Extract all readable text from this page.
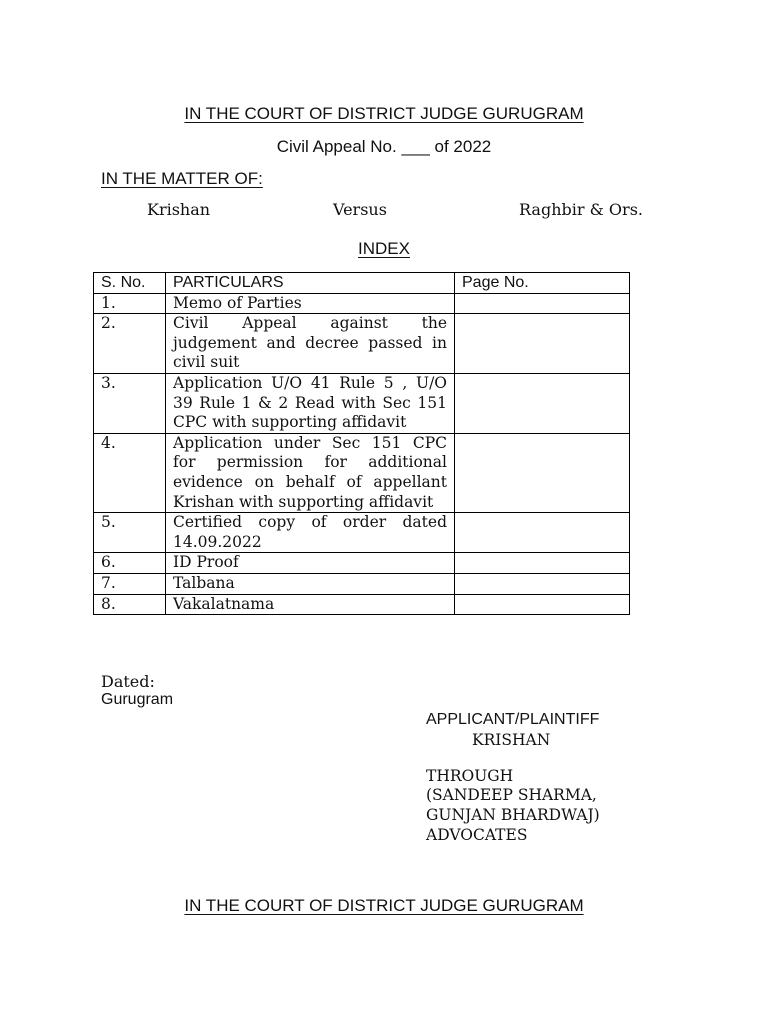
IN THE COURT OF DISTRICT JUDGE GURUGRAM
Civil Appeal No. ___ of 2022
IN THE MATTER OF:
Krishan	Versus	Raghbir & Ors.
INDEX
S. No.	PARTICULARS	Page No.
1.	Memo of Parties	
2.	Civil Appeal against the judgement and decree passed in civil suit	
3.	Application U/O 41 Rule 5 , U/O 39 Rule 1 & 2 Read with Sec 151 CPC with supporting affidavit	
4.	Application under Sec 151 CPC for permission for additional evidence on behalf of appellant Krishan with supporting affidavit	
5.	Certified copy of order dated 14.09.2022	
6.	ID Proof	
7.	Talbana	
8.	Vakalatnama	
Dated:
Gurugram
APPLICANT/PLAINTIFF
KRISHAN
THROUGH
(SANDEEP SHARMA,
GUNJAN BHARDWAJ)
ADVOCATES
IN THE COURT OF DISTRICT JUDGE GURUGRAM
